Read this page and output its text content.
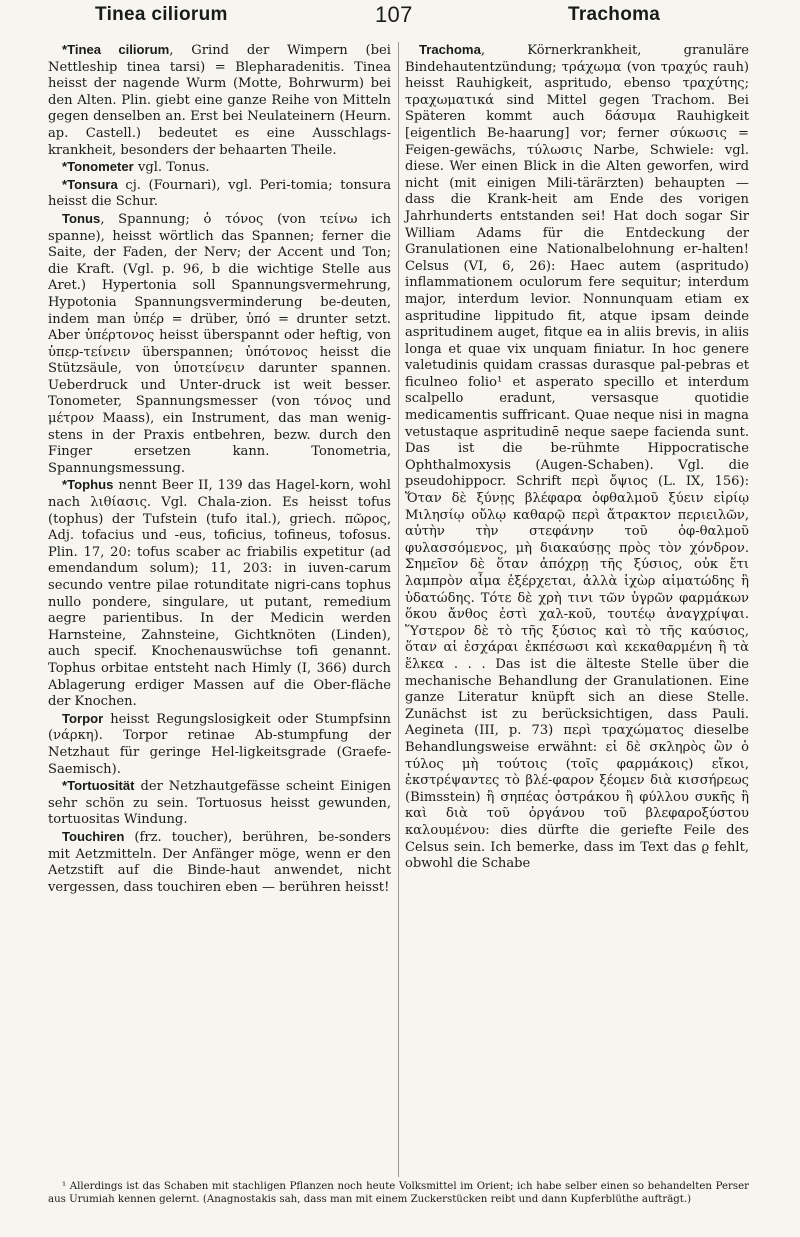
Tinea ciliorum	107	Trachoma

*Tinea ciliorum, Grind der Wimpern (bei Nettleship tinea tarsi) = Blepharadenitis. Tinea heisst der nagende Wurm (Motte, Bohrwurm) bei den Alten. Plin. giebt eine ganze Reihe von Mitteln gegen denselben an. Erst bei Neulateinern (Heurn. ap. Castell.) bedeutet es eine Ausschlags-krankheit, besonders der behaarten Theile.

*Tonometer vgl. Tonus.

*Tonsura cj. (Fournari), vgl. Peri-tomia; tonsura heisst die Schur.

Tonus, Spannung; ὁ τόνος (von τείνω ich spanne), heisst wörtlich das Spannen; ferner die Saite, der Faden, der Nerv; der Accent und Ton; die Kraft. (Vgl. p. 96, b die wichtige Stelle aus Aret.) Hypertonia soll Spannungsvermehrung, Hypotonia Spannungsverminderung be-deuten, indem man ὑπέρ = drüber, ὑπό = drunter setzt. Aber ὑπέρτονος heisst überspannt oder heftig, von ὑπερ-τείνειν überspannen; ὑπότονος heisst die Stützsäule, von ὑποτείνειν darunter spannen. Ueberdruck und Unter-druck ist weit besser. Tonometer, Spannungsmesser (von τόνος und μέτρον Maass), ein Instrument, das man wenig-stens in der Praxis entbehren, bezw. durch den Finger ersetzen kann. Tonometria, Spannungsmessung.

*Tophus nennt Beer II, 139 das Hagel-korn, wohl nach λιθίασις. Vgl. Chala-zion. Es heisst tofus (tophus) der Tufstein (tufo ital.), griech. πῶρος, Adj. tofacius und -eus, toficius, tofineus, tofosus. Plin. 17, 20: tofus scaber ac friabilis expetitur (ad emendandum solum); 11, 203: in iuven-carum secundo ventre pilae rotunditate nigri-cans tophus nullo pondere, singulare, ut putant, remedium aegre parientibus. In der Medicin werden Harnsteine, Zahnsteine, Gichtknöten (Linden), auch specif. Knochenauswüchse tofi genannt. Tophus orbitae entsteht nach Himly (I, 366) durch Ablagerung erdiger Massen auf die Ober-fläche der Knochen.

Torpor heisst Regungslosigkeit oder Stumpfsinn (νάρκη). Torpor retinae Ab-stumpfung der Netzhaut für geringe Hel-ligkeitsgrade (Graefe-Saemisch).

*Tortuosität der Netzhautgefässe scheint Einigen sehr schön zu sein. Tortuosus heisst gewunden, tortuositas Windung.

Touchiren (frz. toucher), berühren, be-sonders mit Aetzmitteln. Der Anfänger möge, wenn er den Aetzstift auf die Binde-haut anwendet, nicht vergessen, dass touchiren eben — berühren heisst!

Trachoma, Körnerkrankheit, granuläre Bindehautentzündung; τράχωμα (von τραχύς rauh) heisst Rauhigkeit, aspritudo, ebenso τραχύτης; τραχωματικά sind Mittel gegen Trachom. Bei Späteren kommt auch δάσυμα Rauhigkeit [eigentlich Be-haarung] vor; ferner σύκωσις = Feigen-gewächs, τύλωσις Narbe, Schwiele: vgl. diese. Wer einen Blick in die Alten geworfen, wird nicht (mit einigen Mili-tärärzten) behaupten — dass die Krank-heit am Ende des vorigen Jahrhunderts entstanden sei! Hat doch sogar Sir William Adams für die Entdeckung der Granulationen eine Nationalbelohnung er-halten! Celsus (VI, 6, 26): Haec autem (aspritudo) inflammationem oculorum fere sequitur; interdum major, interdum levior. Nonnunquam etiam ex aspritudine lippitudo fit, atque ipsam deinde aspritudinem auget, fitque ea in aliis brevis, in aliis longa et quae vix unquam finiatur. In hoc genere valetudinis quidam crassas durasque pal-pebras et ficulneo folio¹ et asperato specillo et interdum scalpello eradunt, versasque quotidie medicamentis suffricant. Quae neque nisi in magna vetustaque aspritudinē neque saepe facienda sunt. Das ist die be-rühmte Hippocratische Ophthalmoxysis (Augen-Schaben). Vgl. die pseudohippocr. Schrift περὶ ὄψιος (L. IX, 156): Ὅταν δὲ ξύνῃς βλέφαρα ὀφθαλμοῦ ξύειν εἰρίῳ Μιλησίῳ οὔλῳ καθαρῷ περὶ ἄτρακτον περιειλῶν, αὐτὴν τὴν στεφάνην τοῦ ὀφ-θαλμοῦ φυλασσόμενος, μὴ διακαύσῃς πρὸς τὸν χόνδρον. Σημεῖον δὲ ὅταν ἀπόχρῃ τῆς ξύσιος, οὐκ ἔτι λαμπρὸν αἷμα ἐξέρχεται, ἀλλὰ ἰχὼρ αἱματώδης ἢ ὑδατώδης. Τότε δὲ χρὴ τινι τῶν ὑγρῶν φαρμάκων ὅκου ἄνθος ἐστὶ χαλ-κοῦ, τουτέῳ ἀναγχρίψαι. Ὕστερον δὲ τὸ τῆς ξύσιος καὶ τὸ τῆς καύσιος, ὅταν αἱ ἐσχάραι ἐκπέσωσι καὶ κεκαθαρμένη ἢ τὰ ἕλκεα . . . Das ist die älteste Stelle über die mechanische Behandlung der Granulationen. Eine ganze Literatur knüpft sich an diese Stelle. Zunächst ist zu berücksichtigen, dass Pauli. Aegineta (III, p. 73) περὶ τραχώματος dieselbe Behandlungsweise erwähnt: εἰ δὲ σκληρὸς ὢν ὁ τύλος μὴ τούτοις (τοῖς φαρμάκοις) εἴκοι, ἐκστρέψαντες τὸ βλέ-φαρον ξέομεν διὰ κισσήρεως (Bimsstein) ἢ σηπέας ὀστράκου ἢ φύλλου συκῆς ἢ καὶ διὰ τοῦ ὀργάνου τοῦ βλεφαροξύστου καλουμένου: dies dürfte die geriefte Feile des Celsus sein. Ich bemerke, dass im Text das ϱ fehlt, obwohl die Schabe

¹ Allerdings ist das Schaben mit stachligen Pflanzen noch heute Volksmittel im Orient; ich habe selber einen so behandelten Perser aus Urumiah kennen gelernt. (Anagnostakis sah, dass man mit einem Zuckerstücken reibt und dann Kupferblüthe aufträgt.)
